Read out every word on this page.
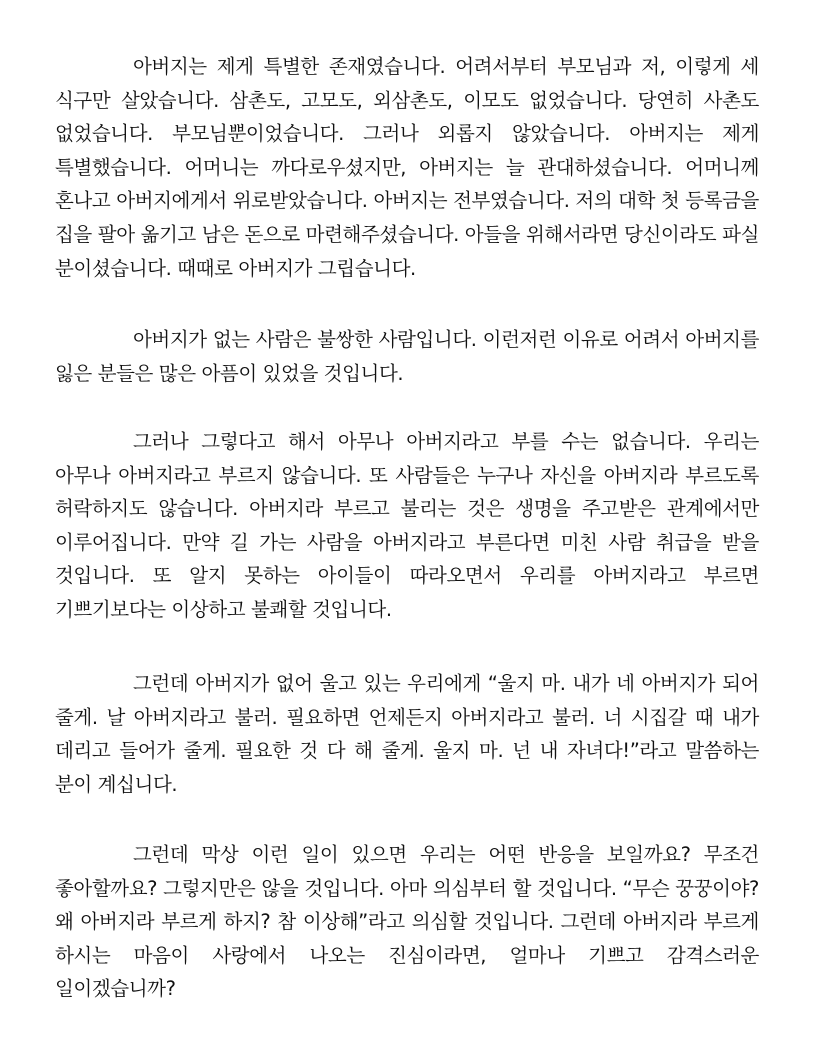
아버지는 제게 특별한 존재였습니다. 어려서부터 부모님과 저, 이렇게 세 식구만 살았습니다. 삼촌도, 고모도, 외삼촌도, 이모도 없었습니다. 당연히 사촌도 없었습니다. 부모님뿐이었습니다. 그러나 외롭지 않았습니다. 아버지는 제게 특별했습니다. 어머니는 까다로우셨지만, 아버지는 늘 관대하셨습니다. 어머니께 혼나고 아버지에게서 위로받았습니다. 아버지는 전부였습니다. 저의 대학 첫 등록금을 집을 팔아 옮기고 남은 돈으로 마련해주셨습니다. 아들을 위해서라면 당신이라도 파실 분이셨습니다. 때때로 아버지가 그립습니다.

아버지가 없는 사람은 불쌍한 사람입니다. 이런저런 이유로 어려서 아버지를 잃은 분들은 많은 아픔이 있었을 것입니다.

그러나 그렇다고 해서 아무나 아버지라고 부를 수는 없습니다. 우리는 아무나 아버지라고 부르지 않습니다. 또 사람들은 누구나 자신을 아버지라 부르도록 허락하지도 않습니다. 아버지라 부르고 불리는 것은 생명을 주고받은 관계에서만 이루어집니다. 만약 길 가는 사람을 아버지라고 부른다면 미친 사람 취급을 받을 것입니다. 또 알지 못하는 아이들이 따라오면서 우리를 아버지라고 부르면 기쁘기보다는 이상하고 불쾌할 것입니다.

그런데 아버지가 없어 울고 있는 우리에게 “울지 마. 내가 네 아버지가 되어 줄게. 날 아버지라고 불러. 필요하면 언제든지 아버지라고 불러. 너 시집갈 때 내가 데리고 들어가 줄게. 필요한 것 다 해 줄게. 울지 마. 넌 내 자녀다!”라고 말씀하는 분이 계십니다.

그런데 막상 이런 일이 있으면 우리는 어떤 반응을 보일까요? 무조건 좋아할까요? 그렇지만은 않을 것입니다. 아마 의심부터 할 것입니다. “무슨 꿍꿍이야? 왜 아버지라 부르게 하지? 참 이상해”라고 의심할 것입니다. 그런데 아버지라 부르게 하시는 마음이 사랑에서 나오는 진심이라면, 얼마나 기쁘고 감격스러운 일이겠습니까?
